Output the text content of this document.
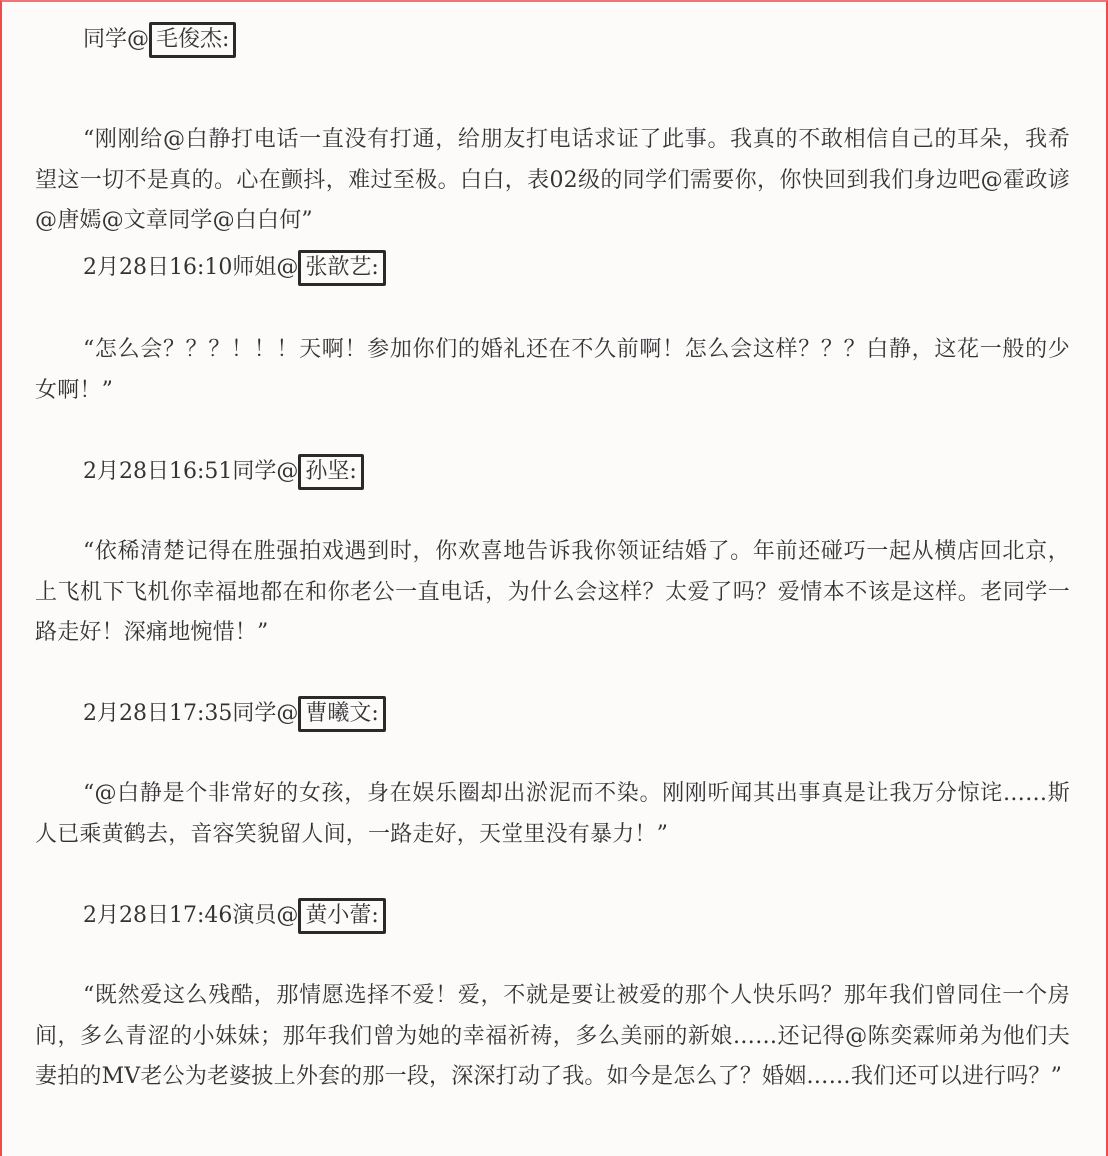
同学@ 毛俊杰:

“刚刚给@白静打电话一直没有打通，给朋友打电话求证了此事。我真的不敢相信自己的耳朵，我希望这一切不是真的。心在颤抖，难过至极。白白，表02级的同学们需要你，你快回到我们身边吧@霍政谚@唐嫣@文章同学@白白何”

2月28日16:10师姐@ 张歆艺:

“怎么会？？？！！！天啊！参加你们的婚礼还在不久前啊！怎么会这样？？？白静，这花一般的少女啊！”

2月28日16:51同学@ 孙坚:

“依稀清楚记得在胜强拍戏遇到时，你欢喜地告诉我你领证结婚了。年前还碰巧一起从横店回北京，上飞机下飞机你幸福地都在和你老公一直电话，为什么会这样？太爱了吗？爱情本不该是这样。老同学一路走好！深痛地惋惜！”

2月28日17:35同学@ 曹曦文:

“@白静是个非常好的女孩，身在娱乐圈却出淤泥而不染。刚刚听闻其出事真是让我万分惊诧……斯人已乘黄鹤去，音容笑貌留人间，一路走好，天堂里没有暴力！”

2月28日17:46演员@ 黄小蕾:

“既然爱这么残酷，那情愿选择不爱！爱，不就是要让被爱的那个人快乐吗？那年我们曾同住一个房间，多么青涩的小妹妹；那年我们曾为她的幸福祈祷，多么美丽的新娘……还记得@陈奕霖师弟为他们夫妻拍的MV老公为老婆披上外套的那一段，深深打动了我。如今是怎么了？婚姻……我们还可以进行吗？”
